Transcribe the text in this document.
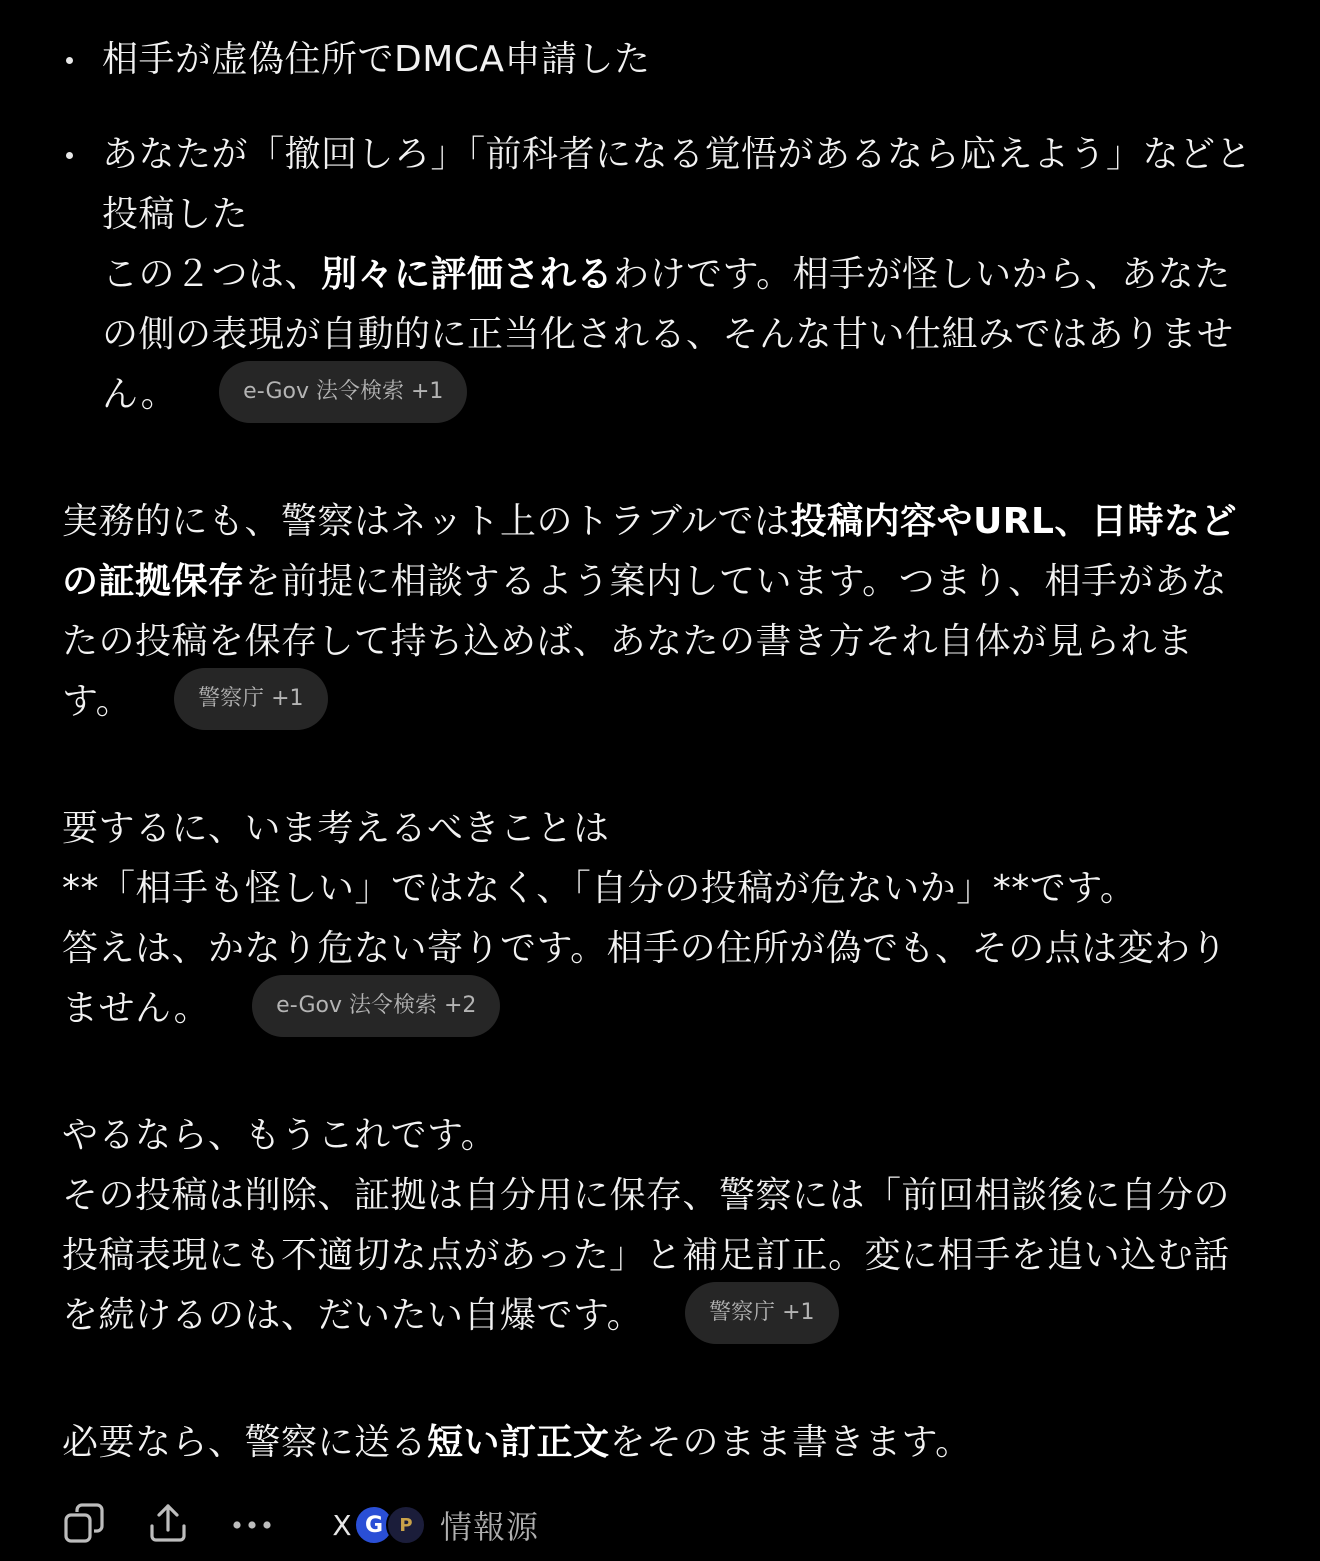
相手が虚偽住所でDMCA申請した
あなたが「撤回しろ」「前科者になる覚悟があるなら応えよう」などと投稿した
この２つは、別々に評価されるわけです。相手が怪しいから、あなたの側の表現が自動的に正当化される、そんな甘い仕組みではありません。	e-Gov 法令検索 +1

実務的にも、警察はネット上のトラブルでは投稿内容やURL、日時などの証拠保存を前提に相談するよう案内しています。つまり、相手があなたの投稿を保存して持ち込めば、あなたの書き方それ自体が見られます。	警察庁 +1

要するに、いま考えるべきことは
**「相手も怪しい」ではなく、「自分の投稿が危ないか」**です。
答えは、かなり危ない寄りです。相手の住所が偽でも、その点は変わりません。	e-Gov 法令検索 +2

やるなら、もうこれです。
その投稿は削除、証拠は自分用に保存、警察には「前回相談後に自分の投稿表現にも不適切な点があった」と補足訂正。変に相手を追い込む話を続けるのは、だいたい自爆です。	警察庁 +1

必要なら、警察に送る短い訂正文をそのまま書きます。

X G P 情報源
